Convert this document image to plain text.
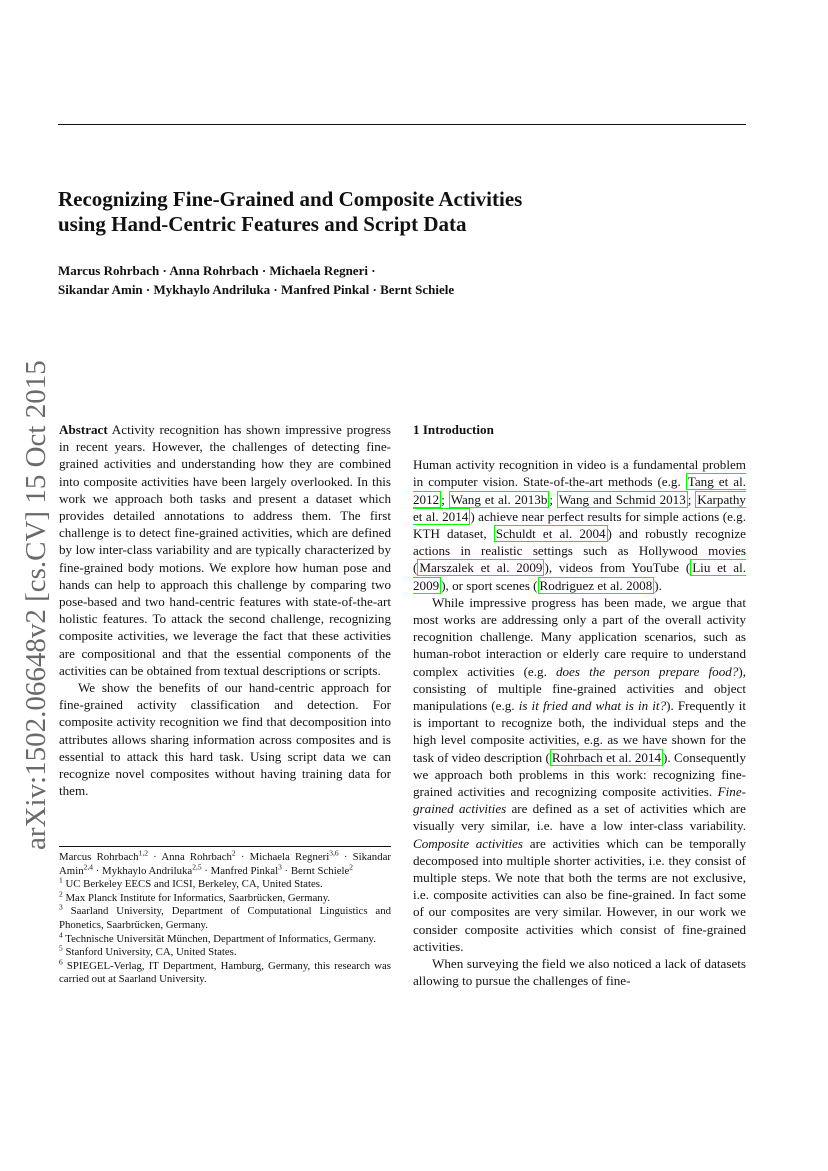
Recognizing Fine-Grained and Composite Activities
using Hand-Centric Features and Script Data
Marcus Rohrbach · Anna Rohrbach · Michaela Regneri ·
Sikandar Amin · Mykhaylo Andriluka · Manfred Pinkal · Bernt Schiele
arXiv:1502.06648v2 [cs.CV] 15 Oct 2015 Abstract Activity recognition has shown impressive progress in recent years. However, the challenges of detecting fine-grained activities and understanding how they are combined into composite activities have been largely overlooked. In this work we approach both tasks and present a dataset which provides detailed annotations to address them. The first challenge is to detect fine-grained activities, which are defined by low inter-class variability and are typically characterized by fine-grained body motions. We explore how human pose and hands can help to approach this challenge by comparing two pose-based and two hand-centric features with state-of-the-art holistic features. To attack the second challenge, recognizing composite activities, we leverage the fact that these activities are compositional and that the essential components of the activities can be obtained from textual descriptions or scripts.

We show the benefits of our hand-centric approach for fine-grained activity classification and detection. For composite activity recognition we find that decomposition into attributes allows sharing information across composites and is essential to attack this hard task. Using script data we can recognize novel composites without having training data for them.

Marcus Rohrbach$^{1,2}$ · Anna Rohrbach$^2$ · Michaela Regneri$^{3,6}$ · Sikandar Amin$^{2,4}$ · Mykhaylo Andriluka$^{2,5}$ · Manfred Pinkal$^3$ · Bernt Schiele$^2$

$^1$ UC Berkeley EECS and ICSI, Berkeley, CA, United States.

$^2$ Max Planck Institute for Informatics, Saarbrücken, Germany.

$^3$ Saarland University, Department of Computational Linguistics and Phonetics, Saarbrücken, Germany.

$^4$ Technische Universität München, Department of Informatics, Germany.

$^5$ Stanford University, CA, United States.

$^6$ SPIEGEL-Verlag, IT Department, Hamburg, Germany, this research was carried out at Saarland University.

1 Introduction

Human activity recognition in video is a fundamental problem in computer vision. State-of-the-art methods (e.g. Tang et al. 2012 ; Wang et al. 2013b ; Wang and Schmid 2013 ; Karpathy et al. 2014 ) achieve near perfect results for simple actions (e.g. KTH dataset, Schuldt et al. 2004 ) and robustly recognize actions in realistic settings such as Hollywood movies ( Marszalek et al. 2009 ), videos from YouTube ( Liu et al. 2009 ), or sport scenes ( Rodriguez et al. 2008 ).

While impressive progress has been made, we argue that most works are addressing only a part of the overall activity recognition challenge. Many application scenarios, such as human-robot interaction or elderly care require to understand complex activities (e.g. does the person prepare food?), consisting of multiple fine-grained activities and object manipulations (e.g. is it fried and what is in it?). Frequently it is important to recognize both, the individual steps and the high level composite activities, e.g. as we have shown for the task of video description ( Rohrbach et al. 2014 ). Consequently we approach both problems in this work: recognizing fine-grained activities and recognizing composite activities. Fine-grained activities are defined as a set of activities which are visually very similar, i.e. have a low inter-class variability. Composite activities are activities which can be temporally decomposed into multiple shorter activities, i.e. they consist of multiple steps. We note that both the terms are not exclusive, i.e. composite activities can also be fine-grained. In fact some of our composites are very similar. However, in our work we consider composite activities which consist of fine-grained activities.

When surveying the field we also noticed a lack of datasets allowing to pursue the challenges of fine-
